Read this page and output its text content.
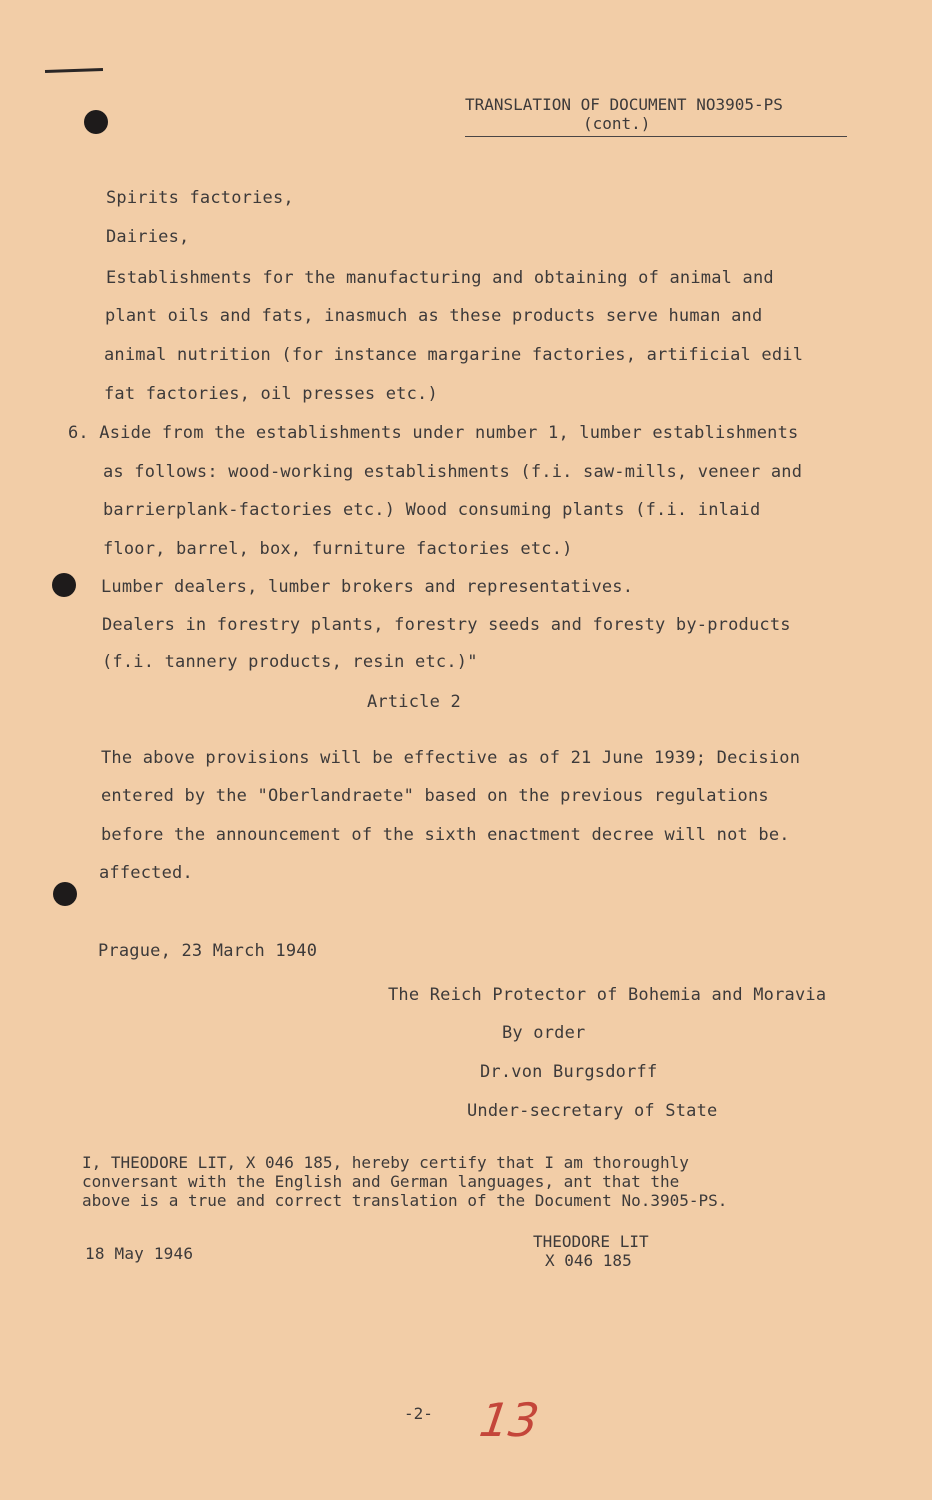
TRANSLATION OF DOCUMENT NO3905-PS
(cont.)
Spirits factories,
Dairies,
Establishments for the manufacturing and obtaining of animal and
plant oils and fats, inasmuch as these products serve human and
animal nutrition (for instance margarine factories, artificial edil
fat factories, oil presses etc.)
6. Aside from the establishments under number 1, lumber establishments
as follows: wood-working establishments (f.i. saw-mills, veneer and
barrierplank-factories etc.) Wood consuming plants (f.i. inlaid
floor, barrel, box, furniture factories etc.)
Lumber dealers, lumber brokers and representatives.
Dealers in forestry plants, forestry seeds and foresty by-products
(f.i. tannery products, resin etc.)"
Article 2
The above provisions will be effective as of 21 June 1939; Decision
entered by the "Oberlandraete" based on the previous regulations
before the announcement of the sixth enactment decree will not be.
affected.
Prague, 23 March 1940
The Reich Protector of Bohemia and Moravia
By order
Dr.von Burgsdorff
Under-secretary of State
I, THEODORE LIT, X 046 185, hereby certify that I am thoroughly
conversant with the English and German languages, ant that the
above is a true and correct translation of the Document No.3905-PS.
18 May 1946
THEODORE LIT
X 046 185
-2- 13
